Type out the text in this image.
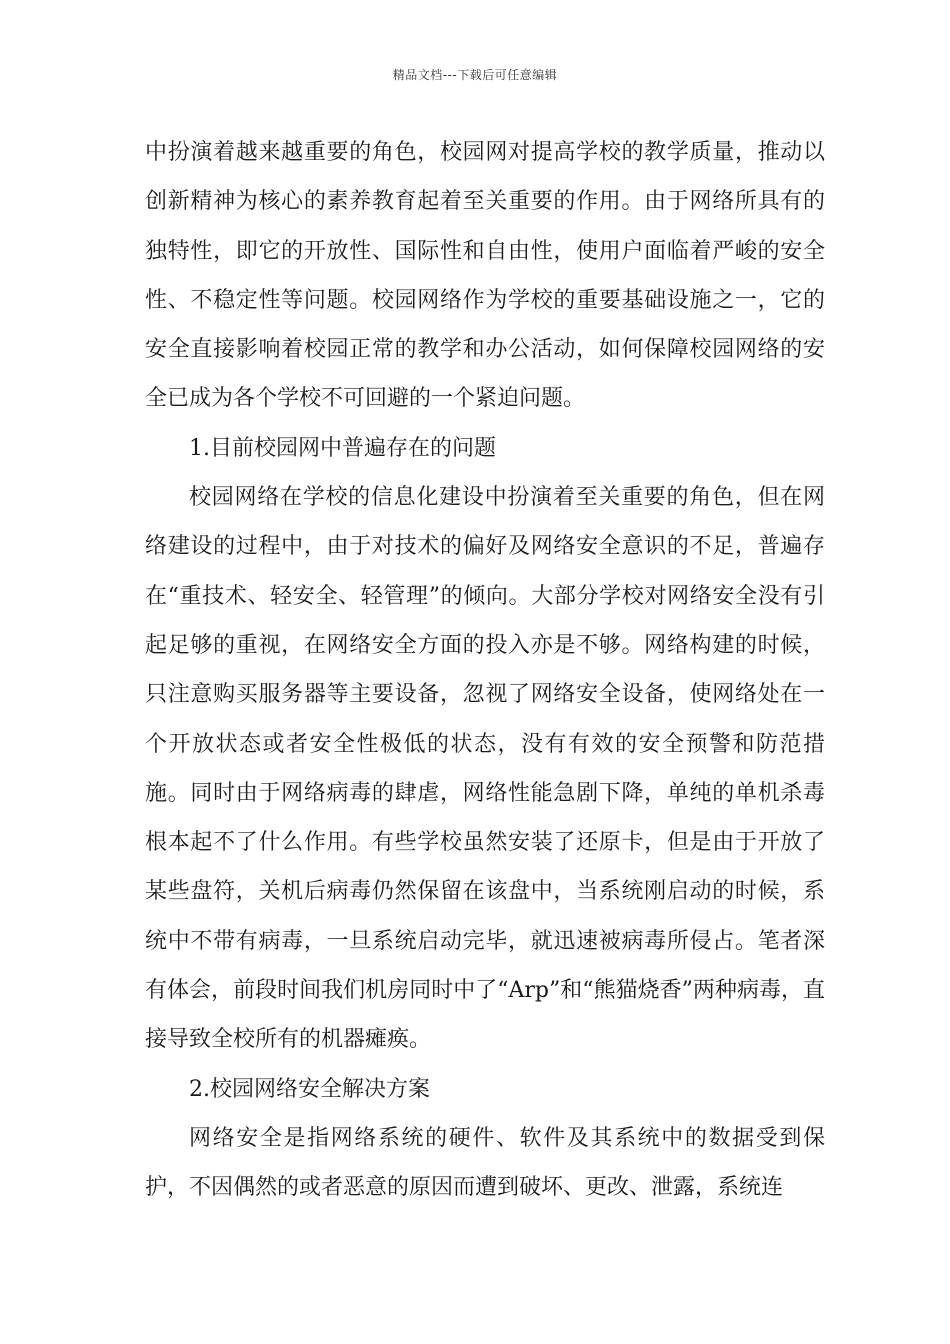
精品文档---下载后可任意编辑

中扮演着越来越重要的角色，校园网对提高学校的教学质量，推动以创新精神为核心的素养教育起着至关重要的作用。由于网络所具有的独特性，即它的开放性、国际性和自由性，使用户面临着严峻的安全性、不稳定性等问题。校园网络作为学校的重要基础设施之一，它的安全直接影响着校园正常的教学和办公活动，如何保障校园网络的安全已成为各个学校不可回避的一个紧迫问题。

1.目前校园网中普遍存在的问题

校园网络在学校的信息化建设中扮演着至关重要的角色，但在网络建设的过程中，由于对技术的偏好及网络安全意识的不足，普遍存在“重技术、轻安全、轻管理”的倾向。大部分学校对网络安全没有引起足够的重视，在网络安全方面的投入亦是不够。网络构建的时候，只注意购买服务器等主要设备，忽视了网络安全设备，使网络处在一个开放状态或者安全性极低的状态，没有有效的安全预警和防范措施。同时由于网络病毒的肆虐，网络性能急剧下降，单纯的单机杀毒根本起不了什么作用。有些学校虽然安装了还原卡，但是由于开放了某些盘符，关机后病毒仍然保留在该盘中，当系统刚启动的时候，系统中不带有病毒，一旦系统启动完毕，就迅速被病毒所侵占。笔者深有体会，前段时间我们机房同时中了“Arp”和“熊猫烧香”两种病毒，直接导致全校所有的机器瘫痪。

2.校园网络安全解决方案

网络安全是指网络系统的硬件、软件及其系统中的数据受到保护，不因偶然的或者恶意的原因而遭到破坏、更改、泄露，系统连
